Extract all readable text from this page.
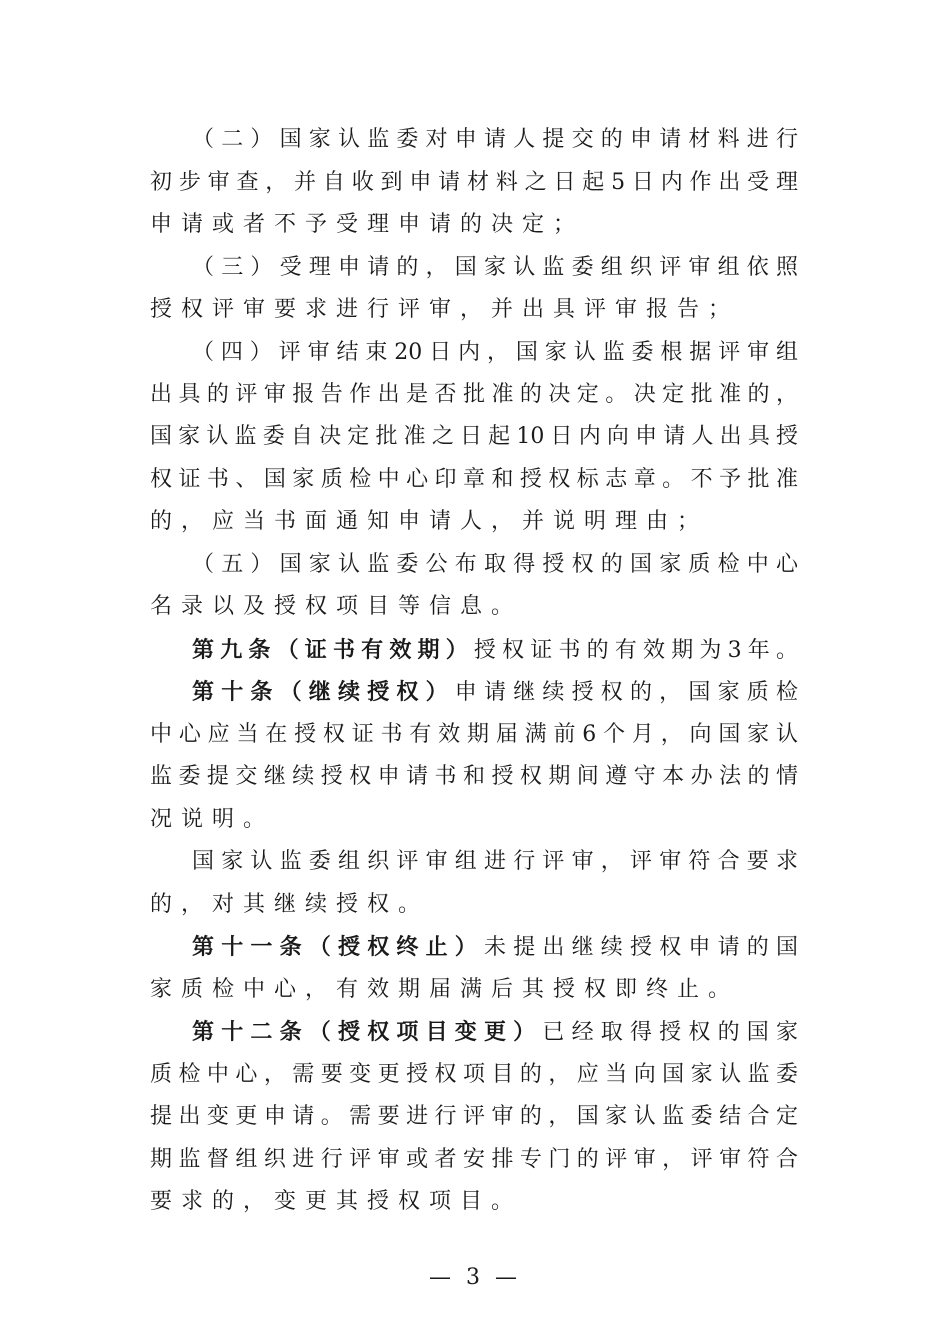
（二）国家认监委对申请人提交的申请材料进行
初步审查，并自收到申请材料之日起5日内作出受理
申请或者不予受理申请的决定；
（三）受理申请的，国家认监委组织评审组依照
授权评审要求进行评审，并出具评审报告；
（四）评审结束20日内，国家认监委根据评审组
出具的评审报告作出是否批准的决定。决定批准的，
国家认监委自决定批准之日起10日内向申请人出具授
权证书、国家质检中心印章和授权标志章。不予批准
的，应当书面通知申请人，并说明理由；
（五）国家认监委公布取得授权的国家质检中心
名录以及授权项目等信息。
第九条（证书有效期）授权证书的有效期为3年。
第十条（继续授权）申请继续授权的，国家质检
中心应当在授权证书有效期届满前6个月，向国家认
监委提交继续授权申请书和授权期间遵守本办法的情
况说明。
国家认监委组织评审组进行评审，评审符合要求
的，对其继续授权。
第十一条（授权终止）未提出继续授权申请的国
家质检中心，有效期届满后其授权即终止。
第十二条（授权项目变更）已经取得授权的国家
质检中心，需要变更授权项目的，应当向国家认监委
提出变更申请。需要进行评审的，国家认监委结合定
期监督组织进行评审或者安排专门的评审，评审符合
要求的，变更其授权项目。
— 3 —
